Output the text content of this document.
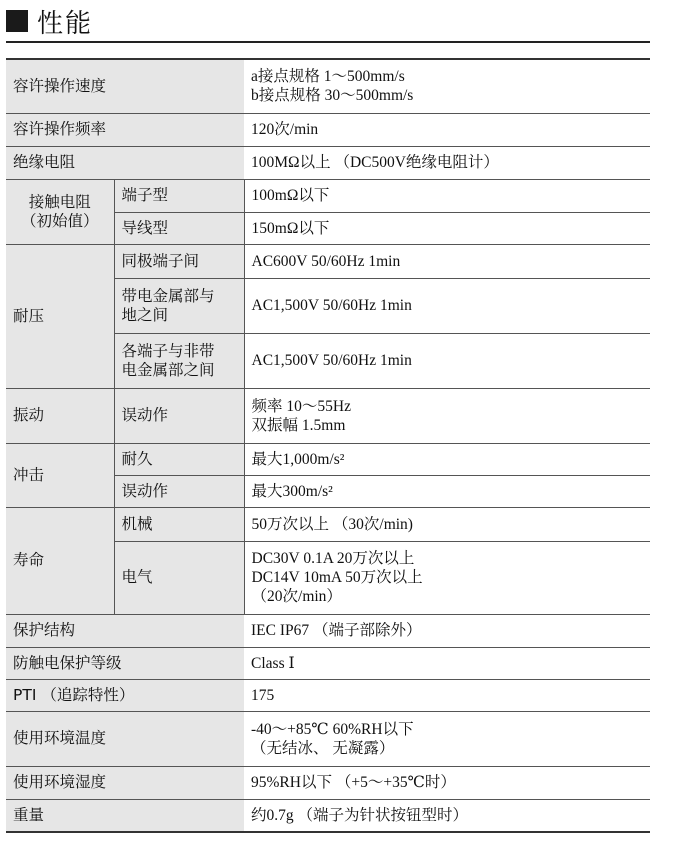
性能
容许操作速度		a接点规格 1～500mm/s
b接点规格 30～500mm/s

容许操作频率		120次/min
绝缘电阻		100MΩ以上 （DC500V绝缘电阻计）

接触电阻
（初始值）	端子型	100mΩ以下
	导线型	150mΩ以下
耐压	同极端子间	AC600V 50/60Hz 1min

	带电金属部与
地之间	AC1,500V 50/60Hz 1min

	各端子与非带
电金属部之间	AC1,500V 50/60Hz 1min
振动	误动作	频率 10～55Hz
双振幅 1.5mm

冲击	耐久	最大1,000m/s²
	误动作	最大300m/s²
寿命	机械	50万次以上 （30次/min)
	电气	DC30V 0.1A 20万次以上
DC14V 10mA 50万次以上
（20次/min）

保护结构		IEC IP67 （端子部除外）
防触电保护等级		Class Ⅰ
PTI （追踪特性）		175
使用环境温度		-40～+85℃ 60%RH以下
（无结冰、 无凝露）

使用环境湿度		95%RH以下 （+5～+35℃时）
重量		约0.7g （端子为针状按钮型时）
